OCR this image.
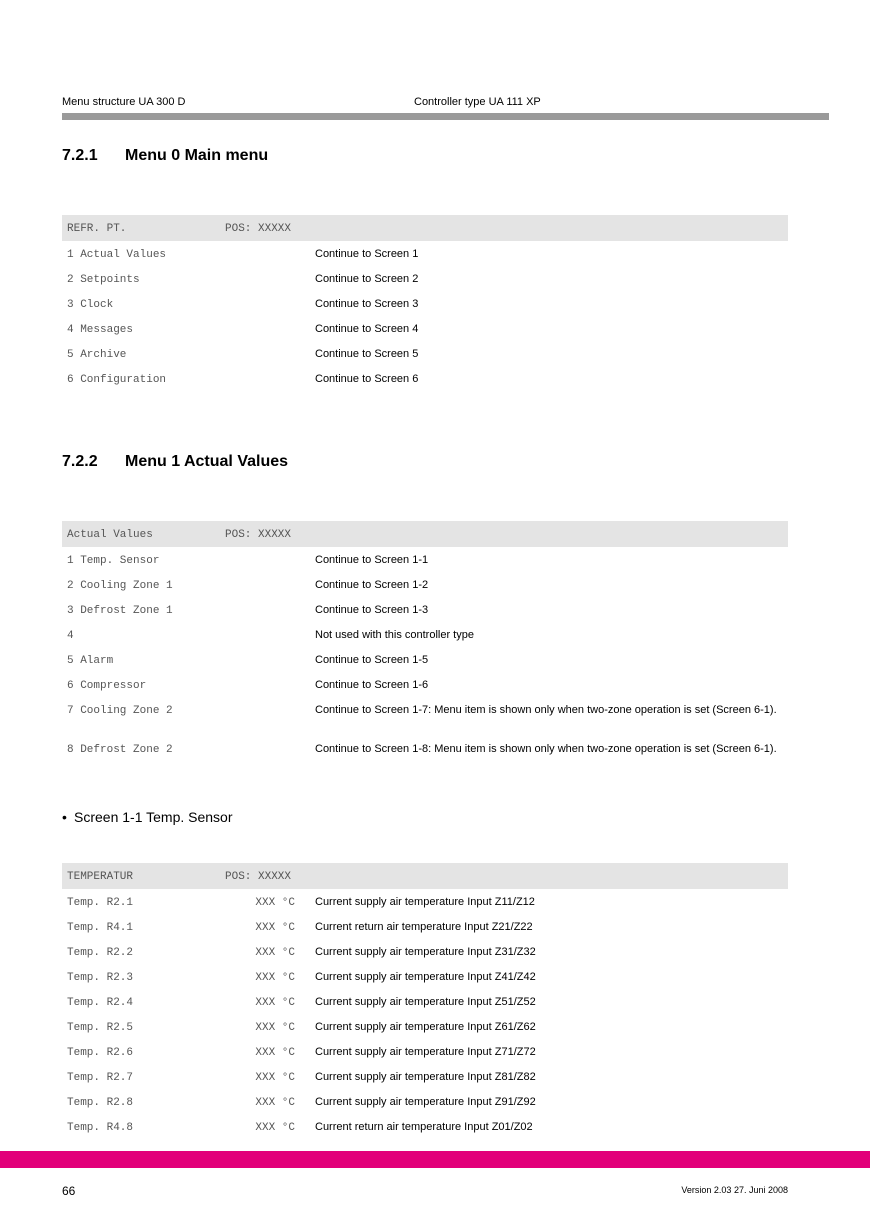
Menu structure UA 300 D	Controller type UA 111 XP
7.2.1 Menu 0 Main menu
REFR. PT.	POS: XXXXX
1 Actual Values	Continue to Screen 1
2 Setpoints	Continue to Screen 2
3 Clock	Continue to Screen 3
4 Messages	Continue to Screen 4
5 Archive	Continue to Screen 5
6 Configuration	Continue to Screen 6
7.2.2 Menu 1 Actual Values
Actual Values	POS: XXXXX
1 Temp. Sensor	Continue to Screen 1-1
2 Cooling Zone 1	Continue to Screen 1-2
3 Defrost Zone 1	Continue to Screen 1-3
4	Not used with this controller type
5 Alarm	Continue to Screen 1-5
6 Compressor	Continue to Screen 1-6
7 Cooling Zone 2	Continue to Screen 1-7: Menu item is shown only when two-zone operation is set (Screen 6-1).
8 Defrost Zone 2	Continue to Screen 1-8: Menu item is shown only when two-zone operation is set (Screen 6-1).
• Screen 1-1 Temp. Sensor
TEMPERATUR	POS: XXXXX
Temp. R2.1	XXX °C Current supply air temperature Input Z11/Z12
Temp. R4.1	XXX °C Current return air temperature Input Z21/Z22
Temp. R2.2	XXX °C Current supply air temperature Input Z31/Z32
Temp. R2.3	XXX °C Current supply air temperature Input Z41/Z42
Temp. R2.4	XXX °C Current supply air temperature Input Z51/Z52
Temp. R2.5	XXX °C Current supply air temperature Input Z61/Z62
Temp. R2.6	XXX °C Current supply air temperature Input Z71/Z72
Temp. R2.7	XXX °C Current supply air temperature Input Z81/Z82
Temp. R2.8	XXX °C Current supply air temperature Input Z91/Z92
Temp. R4.8	XXX °C Current return air temperature Input Z01/Z02
66	Version 2.03 27. Juni 2008
